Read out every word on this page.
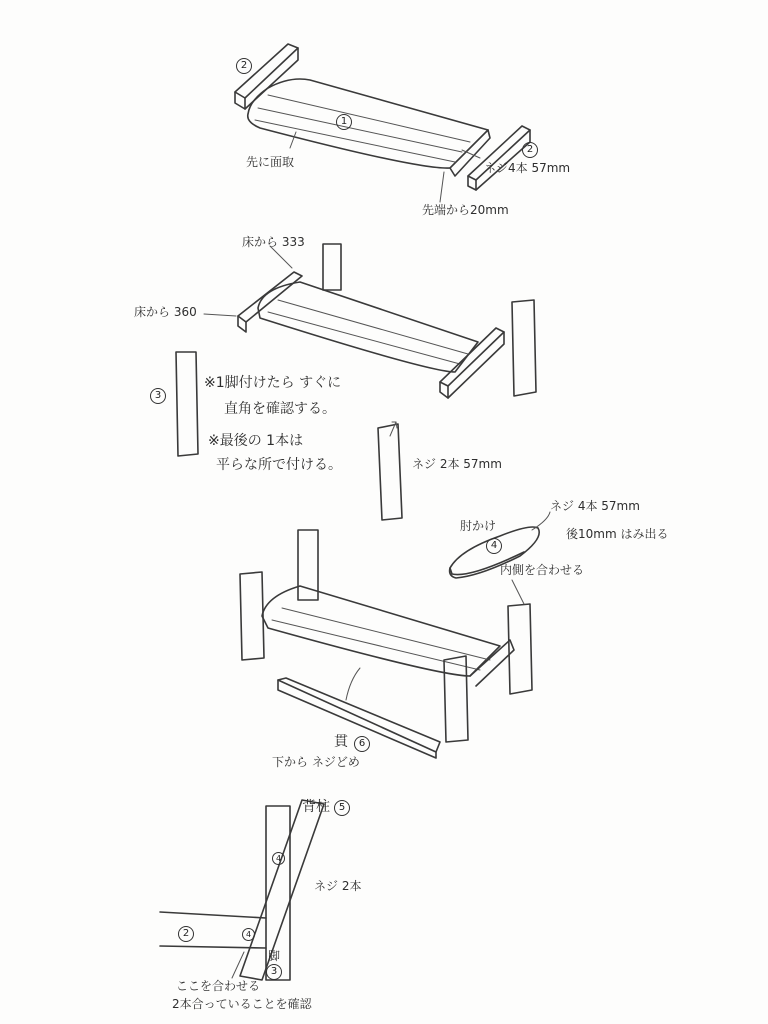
2
1
2
先に面取	ネジ4本 57mm
先端から20mm
床から 333
床から 360
3
※1脚付けたら すぐに
直角を確認する。
※最後の 1本は
平らな所で付ける。	ネジ 2本 57mm
肘かけ
4
ネジ 4本 57mm
後10mm はみ出る
内側を合わせる
貫	6
下から ネジどめ
背柱 5
4
ネジ 2本
2	4
脚
3
ここを合わせる
2本合っていることを確認
